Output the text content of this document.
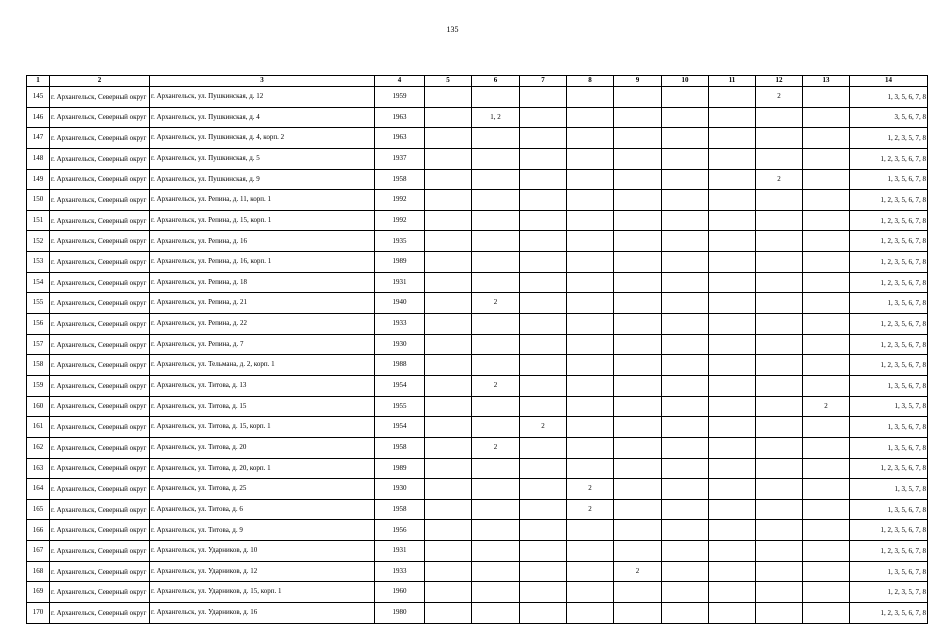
135
1	2	3	4	5	6	7	8	9	10	11	12	13	14
145	г. Архангельск, Северный округ	г. Архангельск, ул. Пушкинская, д. 12	1959								2		1, 3, 5, 6, 7, 8
146	г. Архангельск, Северный округ	г. Архангельск, ул. Пушкинская, д. 4	1963		1, 2								3, 5, 6, 7, 8
147	г. Архангельск, Северный округ	г. Архангельск, ул. Пушкинская, д. 4, корп. 2	1963										1, 2, 3, 5, 7, 8
148	г. Архангельск, Северный округ	г. Архангельск, ул. Пушкинская, д. 5	1937										1, 2, 3, 5, 6, 7, 8
149	г. Архангельск, Северный округ	г. Архангельск, ул. Пушкинская, д. 9	1958								2		1, 3, 5, 6, 7, 8
150	г. Архангельск, Северный округ	г. Архангельск, ул. Репина, д. 11, корп. 1	1992										1, 2, 3, 5, 6, 7, 8
151	г. Архангельск, Северный округ	г. Архангельск, ул. Репина, д. 15, корп. 1	1992										1, 2, 3, 5, 6, 7, 8
152	г. Архангельск, Северный округ	г. Архангельск, ул. Репина, д. 16	1935										1, 2, 3, 5, 6, 7, 8
153	г. Архангельск, Северный округ	г. Архангельск, ул. Репина, д. 16, корп. 1	1989										1, 2, 3, 5, 6, 7, 8
154	г. Архангельск, Северный округ	г. Архангельск, ул. Репина, д. 18	1931										1, 2, 3, 5, 6, 7, 8
155	г. Архангельск, Северный округ	г. Архангельск, ул. Репина, д. 21	1940		2								1, 3, 5, 6, 7, 8
156	г. Архангельск, Северный округ	г. Архангельск, ул. Репина, д. 22	1933										1, 2, 3, 5, 6, 7, 8
157	г. Архангельск, Северный округ	г. Архангельск, ул. Репина, д. 7	1930										1, 2, 3, 5, 6, 7, 8
158	г. Архангельск, Северный округ	г. Архангельск, ул. Тельмана, д. 2, корп. 1	1988										1, 2, 3, 5, 6, 7, 8
159	г. Архангельск, Северный округ	г. Архангельск, ул. Титова, д. 13	1954		2								1, 3, 5, 6, 7, 8
160	г. Архангельск, Северный округ	г. Архангельск, ул. Титова, д. 15	1955									2	1, 3, 5, 7, 8
161	г. Архангельск, Северный округ	г. Архангельск, ул. Титова, д. 15, корп. 1	1954			2							1, 3, 5, 6, 7, 8
162	г. Архангельск, Северный округ	г. Архангельск, ул. Титова, д. 20	1958		2								1, 3, 5, 6, 7, 8
163	г. Архангельск, Северный округ	г. Архангельск, ул. Титова, д. 20, корп. 1	1989										1, 2, 3, 5, 6, 7, 8
164	г. Архангельск, Северный округ	г. Архангельск, ул. Титова, д. 25	1930				2						1, 3, 5, 7, 8
165	г. Архангельск, Северный округ	г. Архангельск, ул. Титова, д. 6	1958				2						1, 3, 5, 6, 7, 8
166	г. Архангельск, Северный округ	г. Архангельск, ул. Титова, д. 9	1956										1, 2, 3, 5, 6, 7, 8
167	г. Архангельск, Северный округ	г. Архангельск, ул. Ударников, д. 10	1931										1, 2, 3, 5, 6, 7, 8
168	г. Архангельск, Северный округ	г. Архангельск, ул. Ударников, д. 12	1933					2					1, 3, 5, 6, 7, 8
169	г. Архангельск, Северный округ	г. Архангельск, ул. Ударников, д. 15, корп. 1	1960										1, 2, 3, 5, 7, 8
170	г. Архангельск, Северный округ	г. Архангельск, ул. Ударников, д. 16	1980										1, 2, 3, 5, 6, 7, 8
